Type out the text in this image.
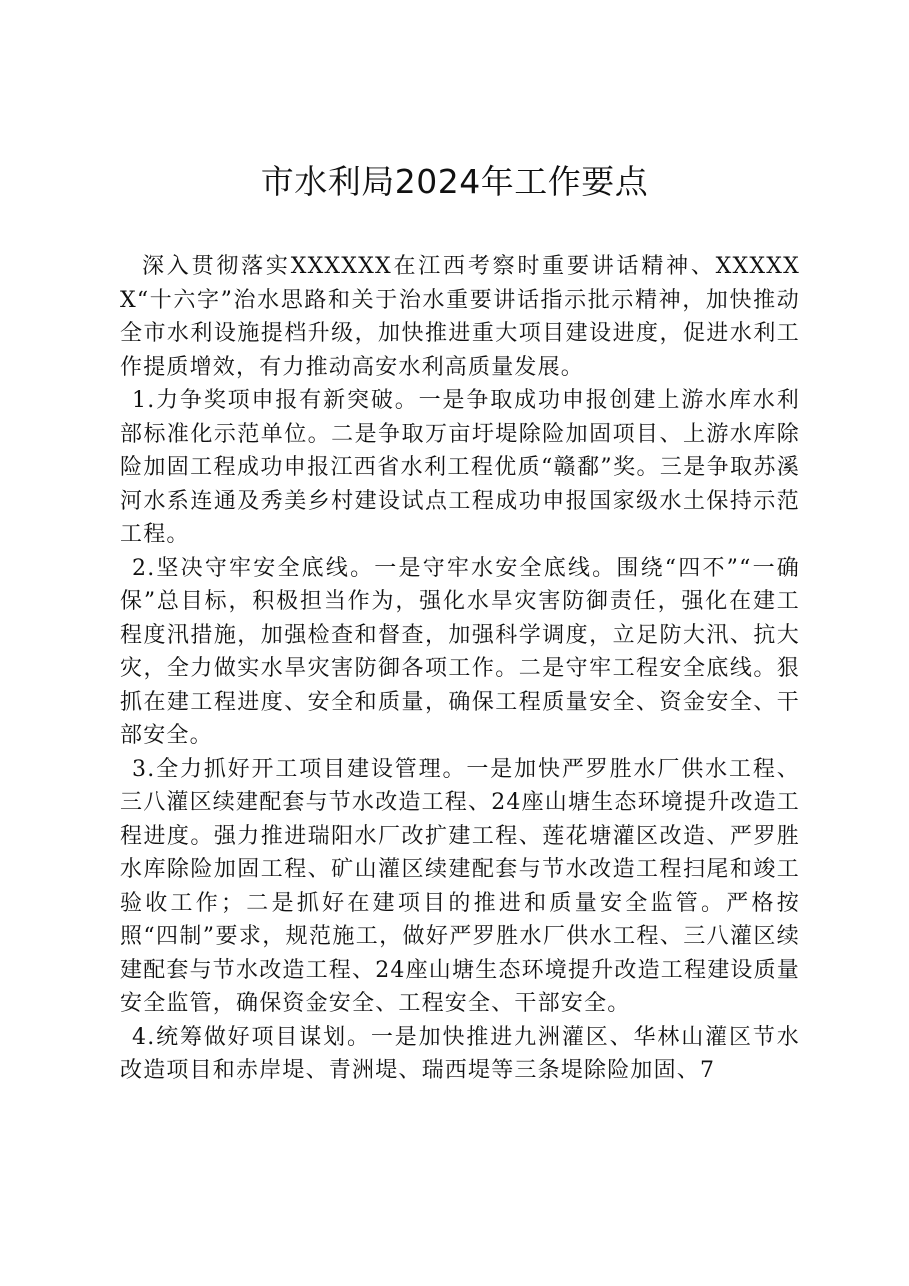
市水利局2024年工作要点

深入贯彻落实XXXXXX在江西考察时重要讲话精神、XXXXXX“十六字”治水思路和关于治水重要讲话指示批示精神，加快推动全市水利设施提档升级，加快推进重大项目建设进度，促进水利工作提质增效，有力推动高安水利高质量发展。

1.力争奖项申报有新突破。一是争取成功申报创建上游水库水利部标准化示范单位。二是争取万亩圩堤除险加固项目、上游水库除险加固工程成功申报江西省水利工程优质“赣鄱”奖。三是争取苏溪河水系连通及秀美乡村建设试点工程成功申报国家级水土保持示范工程。

2.坚决守牢安全底线。一是守牢水安全底线。围绕“四不”“一确保”总目标，积极担当作为，强化水旱灾害防御责任，强化在建工程度汛措施，加强检查和督查，加强科学调度，立足防大汛、抗大灾，全力做实水旱灾害防御各项工作。二是守牢工程安全底线。狠抓在建工程进度、安全和质量，确保工程质量安全、资金安全、干部安全。

3.全力抓好开工项目建设管理。一是加快严罗胜水厂供水工程、三八灌区续建配套与节水改造工程、24座山塘生态环境提升改造工程进度。强力推进瑞阳水厂改扩建工程、莲花塘灌区改造、严罗胜水库除险加固工程、矿山灌区续建配套与节水改造工程扫尾和竣工验收工作；二是抓好在建项目的推进和质量安全监管。严格按照“四制”要求，规范施工，做好严罗胜水厂供水工程、三八灌区续建配套与节水改造工程、24座山塘生态环境提升改造工程建设质量安全监管，确保资金安全、工程安全、干部安全。

4.统筹做好项目谋划。一是加快推进九洲灌区、华林山灌区节水改造项目和赤岸堤、青洲堤、瑞西堤等三条堤除险加固、7
